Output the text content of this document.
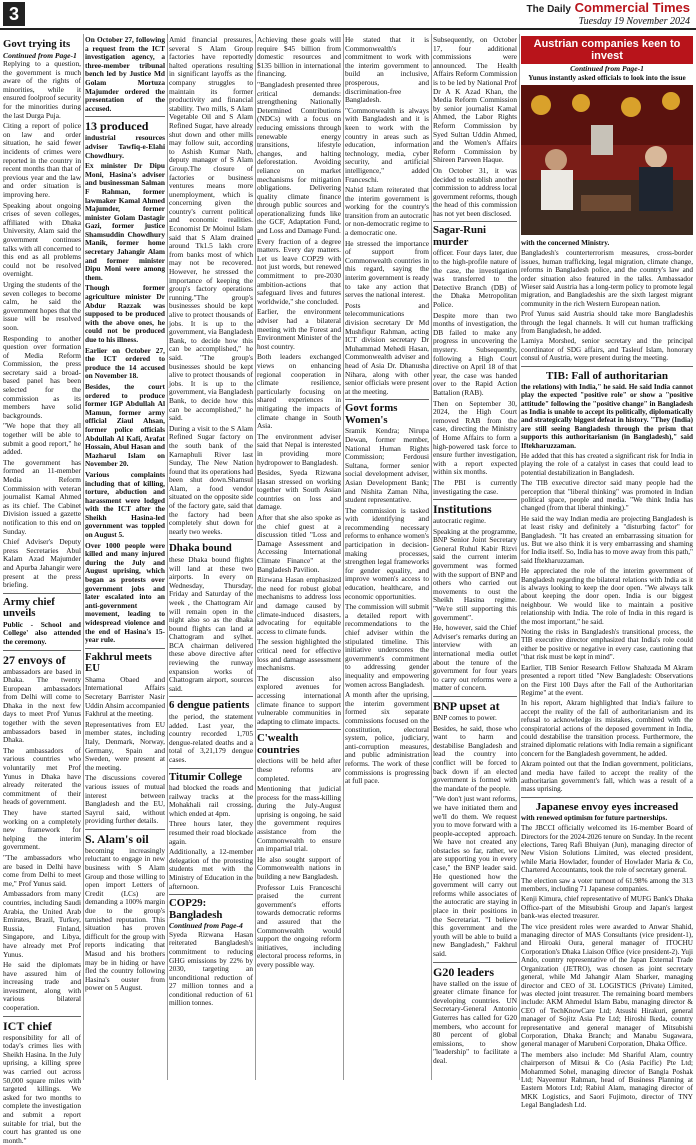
3	The Daily Commercial Times
Tuesday 19 November 2024
Govt trying its
Continued from Page-1

Replying to a question, the government is much aware of the rights of minorities, while it ensured foolproof security for the minorities during the last Durga Puja.

Citing a report of police on law and order situation, he said fewer incidents of crimes were reported in the country in recent months than that of previous year and the law and order situation is improving here.

Speaking about ongoing crises of seven colleges, affiliated with Dhaka University, Alam said the government continues talks with all concerned to this end as all problems could not be resolved overnight.

Urging the students of the seven colleges to become calm, he said the government hopes that the issue will be resolved soon.

Responding to another question over formation of Media Reform Commission, the press secretary said a broad-based panel has been selected for the commission as its members have solid backgrounds.

"We hope that they all together will be able to submit a good report," he added.

The government has formed an 11-member Media Reform Commission with veteran journalist Kamal Ahmed as its chief. The Cabinet Division issued a gazette notification to this end on Sunday.

Chief Adviser's Deputy press Secretaries Abul Kalam Azad Majumder and Apurba Jahangir were present at the press briefing.

Army chief unveils

Public - School and College' also attended the ceremony.

27 envoys of

ambassadors are based in Dhaka. The twenty European ambassadors from Delhi will come to Dhaka in the next few days to meet Prof Yunus together with the seven ambassadors based in Dhaka.

The ambassadors of various countries who voluntarily met Prof Yunus in Dhaka have already reiterated the commitment of their heads of government.

They have started working on a completely new framework for helping the interim government.

"The ambassadors who are based in Delhi have come from Delhi to meet me," Prof Yunus said.

Ambassadors from many countries, including Saudi Arabia, the United Arab Emirates, Brazil, Turkey, Russia, Finland, Singapore, and Libya, have already met Prof Yunus.

He said the diplomats have assured him of increasing trade and investment, along with various bilateral cooperation.

ICT chief

responsibility for all of today's crimes lies with Sheikh Hasina. In the July uprising, a killing spree was carried out across 50,000 square miles with targeted killings. We asked for two months to complete the investigation and submit a report suitable for trial, but the court has granted us one month."

On October 27, following a request from the ICT investigation agency, a three-member tribunal bench led by Justice Md Golam Mortuza Majumder ordered the presentation of the accused.

13 produced

industrial resources adviser Tawfiq-e-Elahi Chowdhury.

Ex minister Dr Dipu Moni, Hasina's adviser and businessman Salman F Rahman, former lawmaker Kamal Ahmed Majumder, former minister Golam Dastagir Gazi, former justice Shamsuddin Chowdhury Manik, former home secretary Jahangir Alam and former minister Dipu Moni were among them.

Though former agriculture minister Dr Abdur Razzak was supposed to be produced with the above ones, he could not be produced due to his illness.

Earlier on October 27, the ICT ordered to produce the 14 accused on November 18.

Besides, the court ordered to produce former IGP Abdullah Al Mamun, former army official Ziaul Ahsan, former police officials Abdullah Al Kafi, Arafat Hossain, Abul Hasan and Mazharul Islam on November 20.

Various complaints including that of killing, torture, abduction and harassment were lodged with the ICT after the Sheikh Hasina-led government was toppled on August 5.

Over 1000 people were killed and many injured during the July and August uprising, which began as protests over government jobs and later escalated into an anti-government movement, leading to widespread violence and the end of Hasina's 15-year rule.

Fakhrul meets EU

Shama Obaed and International Affairs Secretary Barrister Nasir Uddin Ahsim accompanied Fakhrul at the meeting.

Representatives from EU member states, including Italy, Denmark, Norway, Germany, Spain and Sweden, were present at the meeting.

The discussions covered various issues of mutual interest between Bangladesh and the EU, Sayrul said, without providing further details.

S. Alam's oil

becoming increasingly reluctant to engage in new business with S Alam Group and those willing to open import Letters of Credit (LCs) are demanding a 100% margin due to the group's tarnished reputation. This situation has proven difficult for the group with reports indicating that Masud and his brothers may be in hiding or have fled the country following Hasina's ouster from power on 5 August.

Amid financial pressures, several S Alam Group factories have reportedly halted operations resulting in significant layoffs as the company struggles to maintain its former productivity and financial stability. Two mills, S Alam Vegetable Oil and S Alam Refined Sugar, have already shut down and other mills may follow suit, according to Ashish Kumar Nath, deputy manager of S Alam Group.The closure of factories or business ventures means more unemployment, which is concerning given the country's current political and economic realities. Economist Dr Moinul Islam said that S Alam drained around Tk1.5 lakh crore from banks most of which may not be recovered. However, he stressed the importance of keeping the group's factory operations running."The group's businesses should be kept alive to protect thousands of jobs. It is up to the government, via Bangladesh Bank, to decide how this can be accomplished," he said. "The group's businesses should be kept alive to protect thousands of jobs. It is up to the government, via Bangladesh Bank, to decide how this can be accomplished," he said.

During a visit to the S Alam Refined Sugar factory on the south bank of the Karnaphuli River last Sunday, The New Nation found that its operations had been shut down.Shamsul Alam, a food vendor situated on the opposite side of the factory gate, said that the factory had been completely shut down for nearly two weeks.

Dhaka bound

these Dhaka bound flights will land at these two airports. In every on Wednesday, Thursday, Friday and Saturday of the week , the Chattogram Air will remain open in the night also so as the dhaka bound flights can land at Chattogram and sylhet. BCA chairman delivered these above directive after reviewing the runway expansion works of Chattogram airport, sources said.

6 dengue patients

the period, the statement added. Last year, the country recorded 1,705 dengue-related deaths and a total of 3,21,179 dengue cases.

Titumir College

had blocked the roads and railway tracks at the Mohakhali rail crossing, which ended at 4pm.

Three hours later, they resumed their road blockade again.

Additionally, a 12-member delegation of the protesting students met with the Ministry of Education in the afternoon.

COP29: Bangladesh
Continued from Page-4

Syeda Rizwana Hasan reiterated Bangladesh's commitment to reducing GHG emissions by 22% by 2030, targeting an unconditional reduction of 27 million tonnes and a conditional reduction of 61 million tonnes.

Achieving these goals will require $45 billion from domestic resources and $135 billion in international financing.

"Bangladesh presented three critical demands: strengthening Nationally Determined Contributions (NDCs) with a focus on reducing emissions through renewable energy transitions, lifestyle changes, and halting deforestation. Avoiding reliance on market mechanisms for mitigation obligations. Delivering quality climate finance through public sources and operationalizing funds like the GCF, Adaptation Fund, and Loss and Damage Fund.

Every fraction of a degree matters. Every day matters. Let us leave COP29 with not just words, but renewed commitment to pre-2030 ambition-actions that safeguard lives and futures worldwide," she concluded.

Earlier, the environment adviser had a bilateral meeting with the Forest and Environment Minister of the host country.

Both leaders exchanged views on enhancing regional cooperation in climate resilience, particularly focusing on shared experiences in mitigating the impacts of climate change in South Asia.

The environment adviser said that Nepal is interested in providing more hydropower to Bangladesh.

Besides, Syeda Rizwana Hasan stressed on working together with South Asian countries on loss and damage.

After that she also spoke as the chief guest at a discussion titled "Loss and Damage Assessment and Accessing International Climate Finance" at the Bangladesh Pavilion.

Rizwana Hasan emphasized the need for robust global mechanisms to address loss and damage caused by climate-induced disasters, advocating for equitable access to climate funds.

The session highlighted the critical need for effective loss and damage assessment mechanisms.

The discussion also explored avenues for accessing international climate finance to support vulnerable communities in adapting to climate impacts.

C'wealth countries

elections will be held after these reforms are completed.

Mentioning that judicial process for the mass-killing during the July-August uprising is ongoing, he said the government requires assistance from the Commonwealth to ensure an impartial trial.

He also sought support of Commonwealth nations in building a new Bangladesh.

Professor Luis Franceschi praised the current government's efforts towards democratic reforms and assured that the Commonwealth would support the ongoing reform initiatives, including electoral process reforms, in every possible way.

He stated that it is Commonwealth's commitment to work with the interim government to build an inclusive, prosperous, and discrimination-free Bangladesh.

"Commonwealth is always with Bangladesh and it is keen to work with the country in areas such as education, information technology, media, cyber security, and artificial intelligence," added Franceschi.

Nahid Islam reiterated that the interim government is working for the country's transition from an autocratic or non-democratic regime to a democratic one.

He stressed the importance of support from Commonwealth countries in this regard, saying the interim government is ready to take any action that serves the national interest.

Posts and telecommunications division secretary Dr Md Mushfiqur Rahman, acting ICT division secretary Dr Muhammad Mehedi Hasan, Commonwealth adviser and head of Asia Dr. Dhanusha Nihara, along with other senior officials were present at the meeting.

Govt forms Women's

Sramik Kendra; Nirupa Dewan, former member, National Human Rights Commission; Ferdousi Sultana, former senior social development adviser, Asian Development Bank; and Nishita Zaman Niha, student representative.

The commission is tasked with identifying and recommending necessary reforms to enhance women's participation in decision-making processes, strengthen legal frameworks for gender equality, and improve women's access to education, healthcare, and economic opportunities.

The commission will submit a detailed report with recommendations to the chief adviser within the stipulated timeline. This initiative underscores the government's commitment to addressing gender inequality and empowering women across Bangladesh.

A month after the uprising, the interim government formed six separate commissions focused on the constitution, electoral system, police, judiciary, anti-corruption measures, and public administration reforms. The work of these commissions is progressing at full pace.

Subsequently, on October 17, four additional commissions were announced. The Health Affairs Reform Commission is to be led by National Prof Dr A K Azad Khan, the Media Reform Commission by senior journalist Kamal Ahmed, the Labor Rights Reform Commission by Syed Sultan Uddin Ahmed, and the Women's Affairs Reform Commission by Shireen Parveen Haque.

On October 31, it was decided to establish another commission to address local government reforms, though the head of this commission has not yet been disclosed.

Sagar-Runi murder

officer. Four days later, due to the high-profile nature of the case, the investigation was transferred to the Detective Branch (DB) of the Dhaka Metropolitan Police.

Despite more than two months of investigation, the DB failed to make any progress in uncovering the mystery. Subsequently, following a High Court directive on April 18 of that year, the case was handed over to the Rapid Action Battalion (RAB).

Then on September 30, 2024, the High Court removed RAB from the case, directing the Ministry of Home Affairs to form a high-powered task force to ensure further investigation, with a report expected within six months.

The PBI is currently investigating the case.

Institutions

autocratic regime.

Speaking at the programme, BNP Senior Joint Secretary General Ruhul Kabir Rizvi said the current interim government was formed with the support of BNP and others who carried out movements to oust the Sheikh Hasina regime. "We're still supporting this government".

He, however, said the Chief Adviser's remarks during an interview with an international media outlet about the tenure of the government for four years to carry out reforms were a matter of concern.

BNP upset at

BNP comes to power.

Besides, he said, those who want to harm and destabilise Bangladesh and lead the country into conflict will be forced to back down if an elected government is formed with the mandate of the people.

"We don't just want reforms, we have initiated them and we'll do them. We request you to move forward with a people-accepted approach. We have not created any obstacles so far, rather, we are supporting you in every case," the BNP leader said. He questioned how the government will carry out reforms while associates of the autocratic are staying in place in their positions in the Secretariat. "I believe this government and the youth will be able to build a new Bangladesh," Fakhrul said.

G20 leaders

have stalled on the issue of greater climate finance for developing countries. UN Secretary-General Antonio Guterres has called for G20 members, who account for 80 percent of global emissions, to show "leadership" to facilitate a deal.

Austrian companies keen to invest
Continued from Page-1
Yunus instantly asked officials to look into the issue
with the concerned Ministry.

Bangladesh's counterterrorism measures, cross-border issues, human trafficking, legal migration, climate change, reforms in Bangladesh police, and the country's law and order situation also featured in the talks. Ambassador Wieser said Austria has a long-term policy to promote legal migration, and Bangladeshis are the sixth largest migrant community in the rich Western European nation.

Prof Yunus said Austria should take more Bangladeshis through the legal channels. It will cut human trafficking from Bangladesh, he added.

Lamiya Morshed, senior secretary and the principal coordinator of SDG affairs, and Tasleuf Islam, honorary consul of Austria, were present during the meeting.

TIB: Fall of authoritarian

the relations) with India," he said. He said India cannot play the expected "positive role" or show a "positive attitude" following the "positive change" in Bangladesh as India is unable to accept its politically, diplomatically and strategically biggest defeat in history. "They (India) are still seeing Bangladesh through the prism that supports this authoritarianism (in Bangladesh)," said Iftekharuzzaman.

He added that this has created a significant risk for India in playing the role of a catalyst in cases that could lead to potential destabilization in Bangladesh.

The TIB executive director said many people had the perception that "liberal thinking" was promoted in Indian political space, people and media. "We think India has changed (from that liberal thinking)."

He said the way Indian media are projecting Bangladesh is at least risky and definitely a "disturbing factor" for Bangladesh. "It has created an embarrassing situation for us. But we also think it is very embarrassing and shaming for India itself. So, India has to move away from this path," said Iftekharuzzaman.

He appreciated the role of the interim government of Bangladesh regarding the bilateral relations with India as it is always looking to keep the door open. "We always talk about keeping the door open. India is our biggest neighbour. We would like to maintain a positive relationship with India. The role of India in this regard is the most important," he said.

Noting the risks in Bangladesh's transitional process, the TIB executive director emphasized that India's role could either be positive or negative in every case, cautioning that "that risk must be kept in mind".

Earlier, TIB Senior Research Fellow Shahzada M Akram presented a report titled "New Bangladesh: Observations on the First 100 Days after the Fall of the Authoritarian Regime" at the event.

In his report, Akram highlighted that India's failure to accept the reality of the fall of authoritarianism and its refusal to acknowledge its mistakes, combined with the conspiratorial actions of the deposed government in India, could destabilise the transition process. Furthermore, the strained diplomatic relations with India remain a significant concern for the Bangladesh government, he added.

Akram pointed out that the Indian government, politicians, and media have failed to accept the reality of the authoritarian government's fall, which was a result of a mass uprising.

Japanese envoy eyes increased

with renewed optimism for future partnerships.

The JBCCI officially welcomed its 16-member Board of Directors for the 2024-2026 tenure on Sunday. In the recent elections, Tareq Rafi Bhuiyan (Jun), managing director of New Vision Solutions Limited, was elected president, while Maria Howlader, founder of Howlader Maria & Co, Chartered Accountants, took the role of secretary general.

The election saw a voter turnout of 61.98% among the 313 members, including 71 Japanese companies.

Kenji Kimura, chief representative of MUFG Bank's Dhaka Office-part of the Mitsubishi Group and Japan's largest bank-was elected treasurer.

The vice president roles were awarded to Anwar Shahid, managing director of MAS Consultants (vice president-1), and Hiroaki Oura, general manager of ITOCHU Corporation's Dhaka Liaison Office (vice president-2). Yuji Ando, country representative of the Japan External Trade Organization (JETRO), was chosen as joint secretary general, while Md Jahangir Alam Sharker, managing director and CEO of 3L LOGISTICS (Private) Limited, was elected joint treasurer. The remaining board members include: AKM Ahmedul Islam Babu, managing director & CEO of TechKnowCare Ltd; Atsushi Hirakuri, general manager of Sojitz Asia Pte Ltd; Hiroshi Ikeda, country representative and general manager of Mitsubishi Corporation, Dhaka Branch; and Manabu Sugawara, general manager of Marubeni Corporation, Dhaka Office.

The members also include: Md Shariful Alam, country chairperson of Mitsui & Co (Asia Pacific) Pte Ltd; Mohammed Sohel, managing director of Bangla Poshak Ltd; Nayeemur Rahman, head of Business Planning at Eastern Motors Ltd; Rabiul Alam, managing director of MKK Logistics, and Saori Fujimoto, director of TNY Legal Bangladesh Ltd.
